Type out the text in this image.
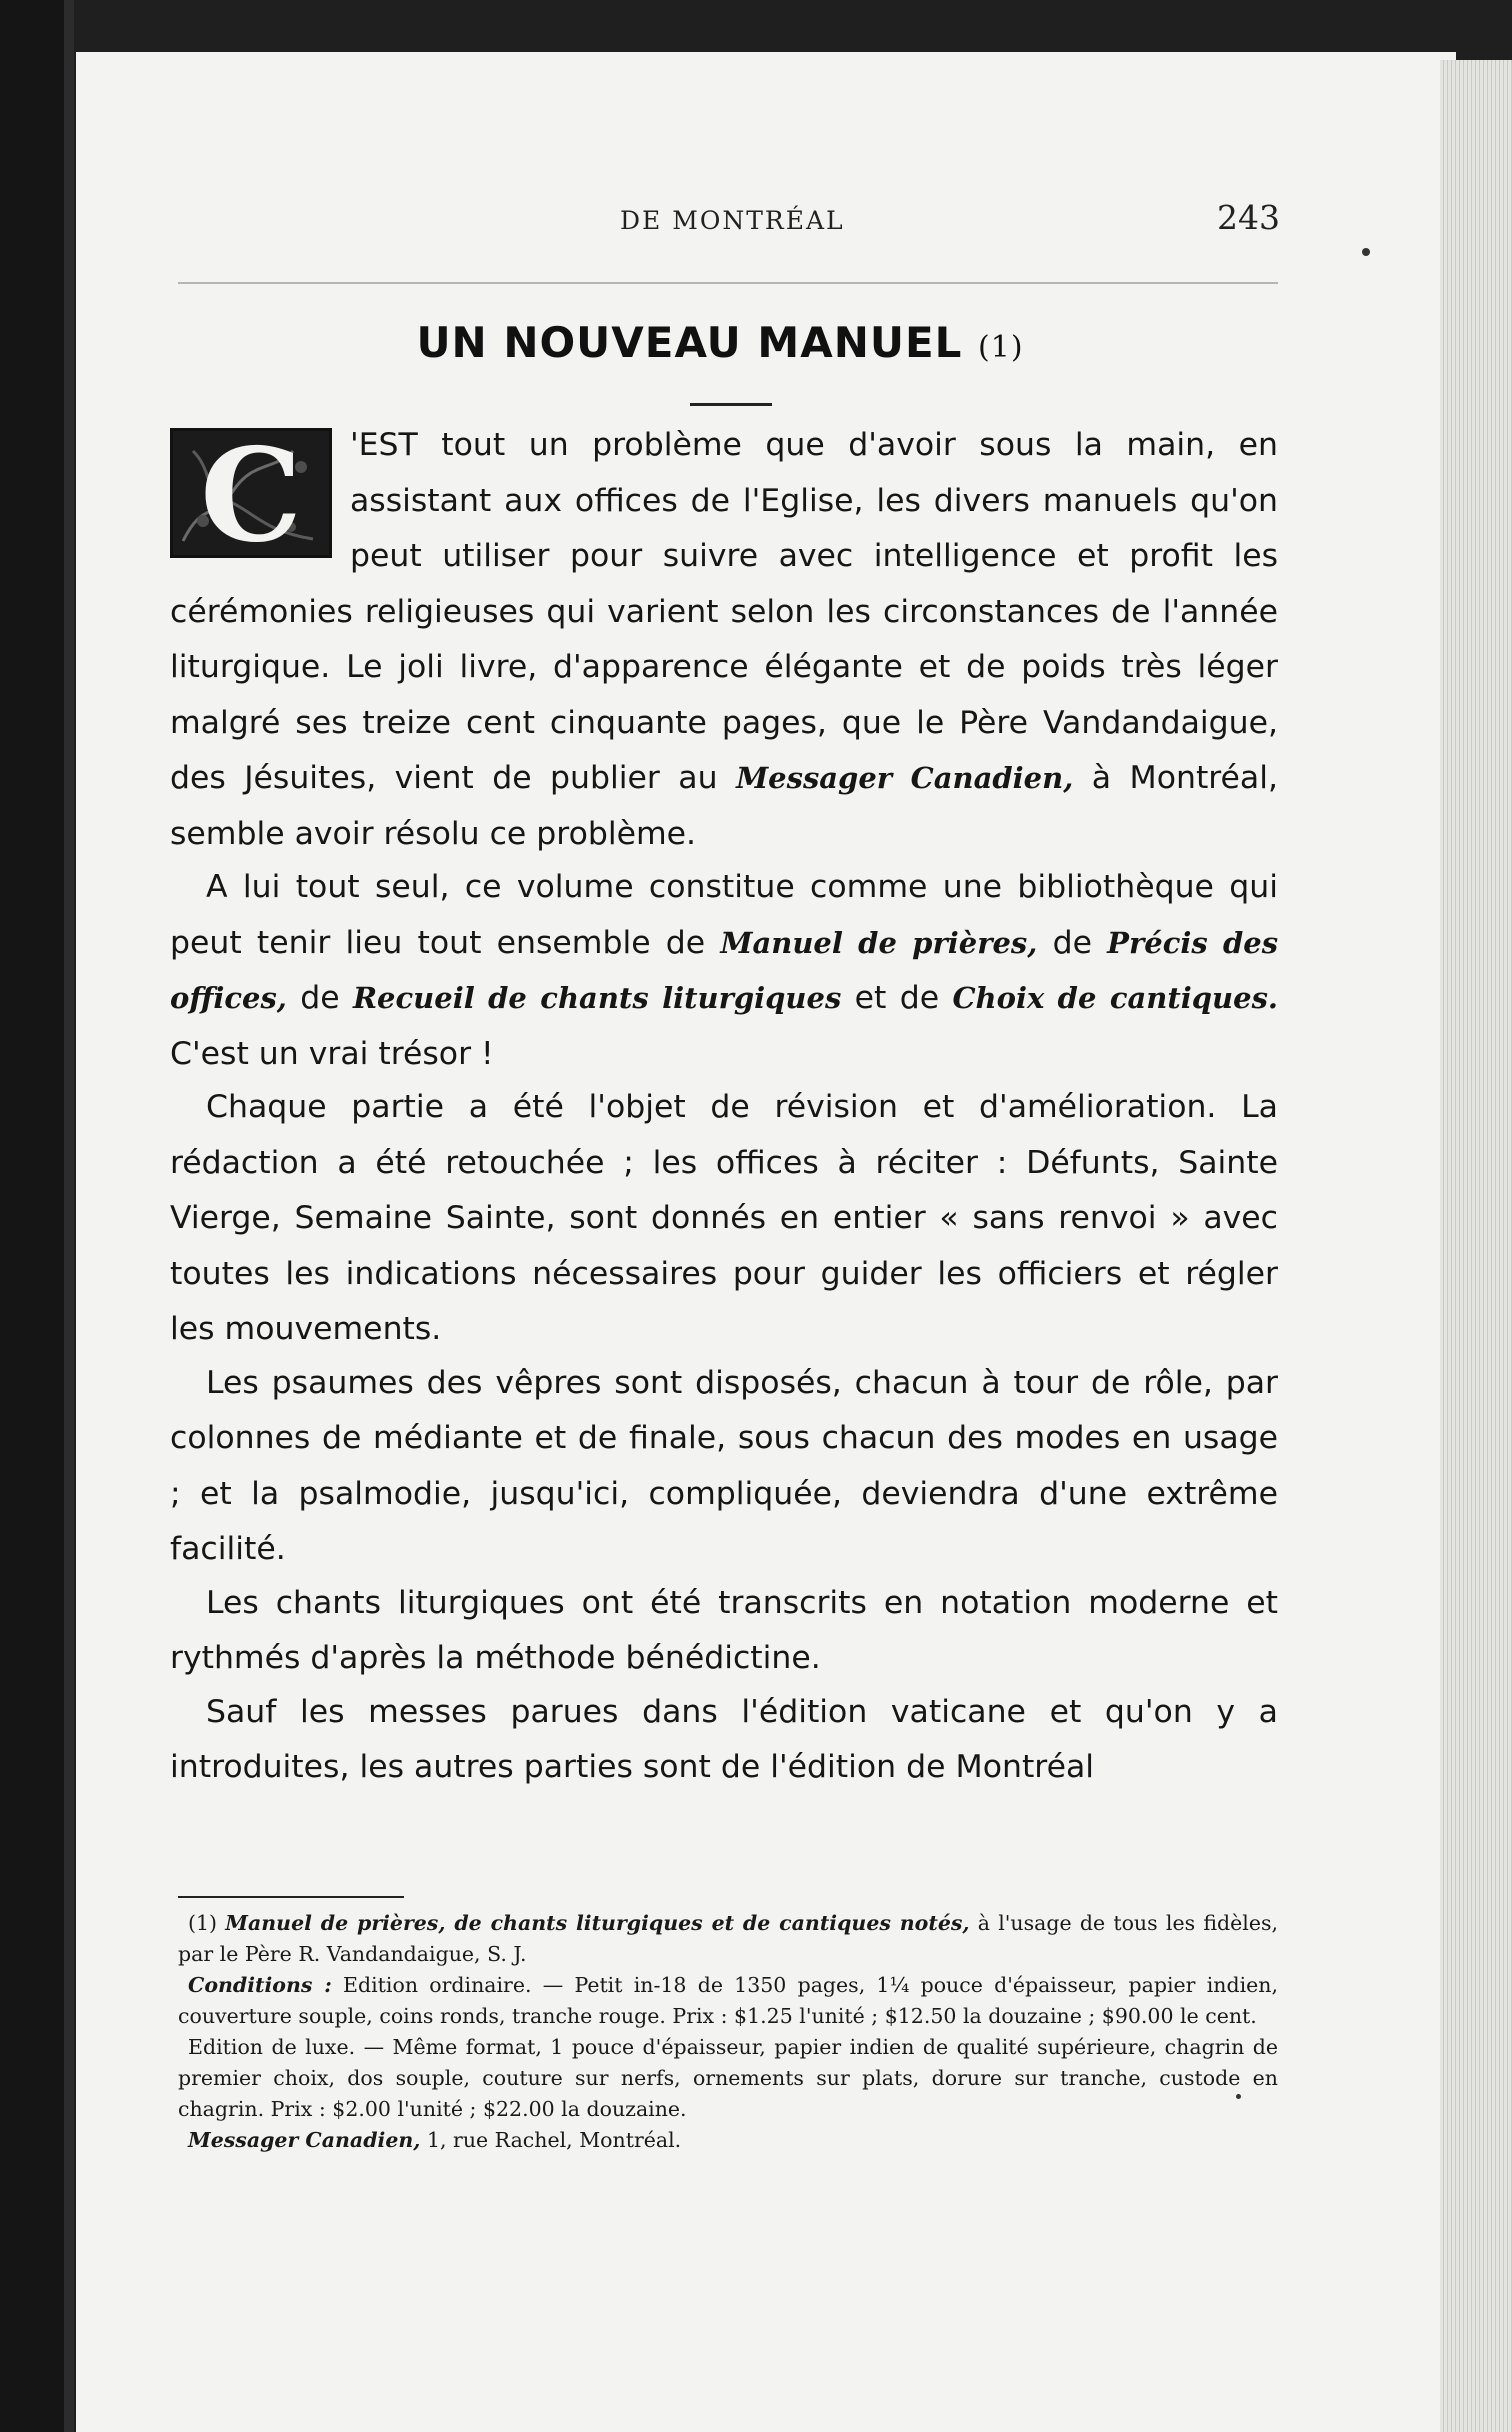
DE MONTRÉAL	243
UN NOUVEAU MANUEL (1)

C	'EST tout un problème que d'avoir sous la main, en assistant aux offices de l'Eglise, les divers manuels qu'on peut utiliser pour suivre avec intelligence et profit les cérémonies religieuses qui varient selon les circonstances de l'année liturgique. Le joli livre, d'apparence élégante et de poids très léger malgré ses treize cent cinquante pages, que le Père Vandandaigue, des Jésuites, vient de publier au Messager Canadien, à Montréal, semble avoir résolu ce problème.

A lui tout seul, ce volume constitue comme une bibliothèque qui peut tenir lieu tout ensemble de Manuel de prières, de Précis des offices, de Recueil de chants liturgiques et de Choix de cantiques. C'est un vrai trésor !

Chaque partie a été l'objet de révision et d'amélioration. La rédaction a été retouchée ; les offices à réciter : Défunts, Sainte Vierge, Semaine Sainte, sont donnés en entier « sans renvoi » avec toutes les indications nécessaires pour guider les officiers et régler les mouvements.

Les psaumes des vêpres sont disposés, chacun à tour de rôle, par colonnes de médiante et de finale, sous chacun des modes en usage ; et la psalmodie, jusqu'ici, compliquée, deviendra d'une extrême facilité.

Les chants liturgiques ont été transcrits en notation moderne et rythmés d'après la méthode bénédictine.

Sauf les messes parues dans l'édition vaticane et qu'on y a introduites, les autres parties sont de l'édition de Montréal

(1) Manuel de prières, de chants liturgiques et de cantiques notés, à l'usage de tous les fidèles, par le Père R. Vandandaigue, S. J.

Conditions : Edition ordinaire. — Petit in-18 de 1350 pages, 1¼ pouce d'épaisseur, papier indien, couverture souple, coins ronds, tranche rouge. Prix : $1.25 l'unité ; $12.50 la douzaine ; $90.00 le cent.

Edition de luxe. — Même format, 1 pouce d'épaisseur, papier indien de qualité supérieure, chagrin de premier choix, dos souple, couture sur nerfs, ornements sur plats, dorure sur tranche, custode en chagrin. Prix : $2.00 l'unité ; $22.00 la douzaine.

Messager Canadien, 1, rue Rachel, Montréal.
